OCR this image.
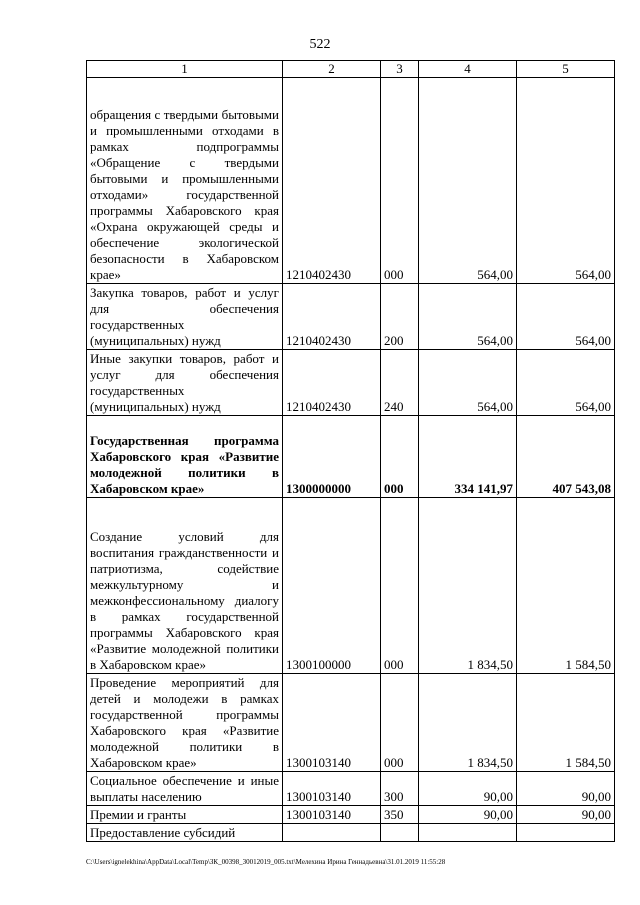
522
1	2	3	4	5
обращения с твердыми бытовыми и промышленными отходами в рамках подпрограммы «Обращение с твердыми бытовыми и промышленными отходами» государственной программы Хабаровского края «Охрана окружающей среды и обеспечение экологической безопасности в Хабаровском крае»	1210402430	000	564,00	564,00
Закупка товаров, работ и услуг для обеспечения государственных (муниципальных) нужд	1210402430	200	564,00	564,00
Иные закупки товаров, работ и услуг для обеспечения государственных (муниципальных) нужд	1210402430	240	564,00	564,00
Государственная программа Хабаровского края «Развитие молодежной политики в Хабаровском крае»	1300000000	000	334 141,97	407 543,08
Создание условий для воспитания гражданственности и патриотизма, содействие межкультурному и межконфессиональному диалогу в рамках государственной программы Хабаровского края «Развитие молодежной политики в Хабаровском крае»	1300100000	000	1 834,50	1 584,50
Проведение мероприятий для детей и молодежи в рамках государственной программы Хабаровского края «Развитие молодежной политики в Хабаровском крае»	1300103140	000	1 834,50	1 584,50
Социальное обеспечение и иные выплаты населению	1300103140	300	90,00	90,00
Премии и гранты	1300103140	350	90,00	90,00
Предоставление субсидий				
C:\Users\ignelekhina\AppData\Local\Temp\ЗК_00398_30012019_005.txt\Мелехина Ирина Геннадьевна\31.01.2019 11:55:28
